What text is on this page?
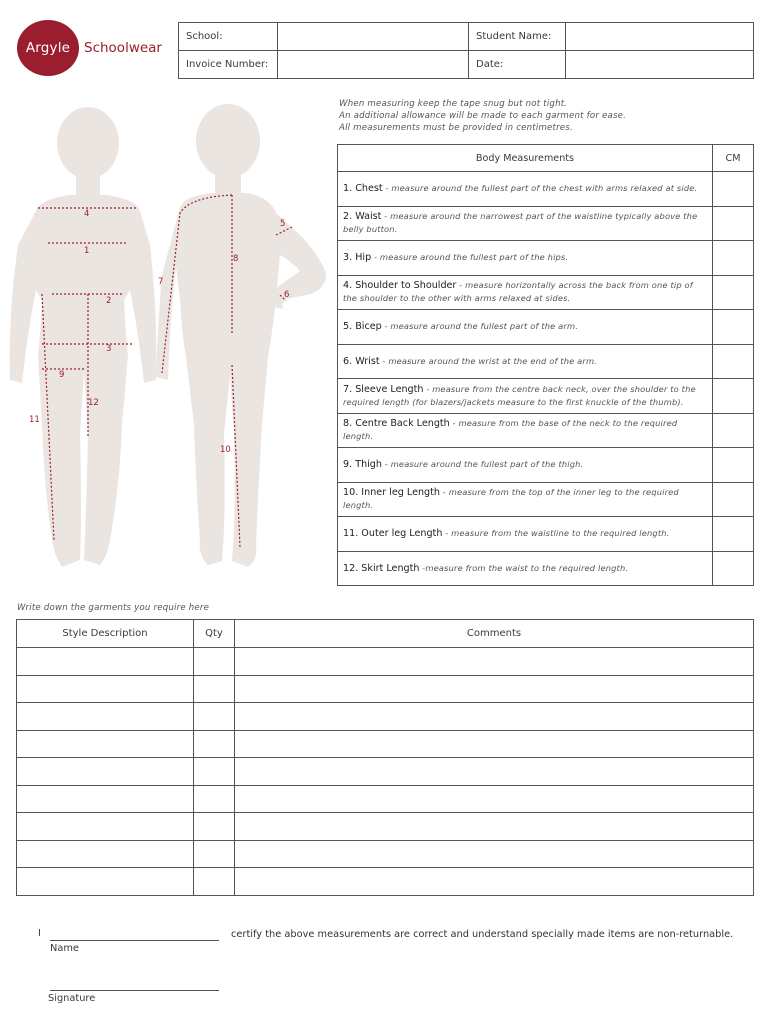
Argyle Schoolwear
School:		Student Name:	
Invoice Number:		Date:	
When measuring keep the tape snug but not tight.
An additional allowance will be made to each garment for ease.
All measurements must be provided in centimetres.
4
1
2
3
9
12
11
8
7
5
6
10
Body Measurements	CM
1. Chest - measure around the fullest part of the chest with arms relaxed at side.	
2. Waist - measure around the narrowest part of the waistline typically above the belly button.	
3. Hip - measure around the fullest part of the hips.	
4. Shoulder to Shoulder - measure horizontally across the back from one tip of the shoulder to the other with arms relaxed at sides.	
5. Bicep - measure around the fullest part of the arm.	
6. Wrist - measure around the wrist at the end of the arm.	
7. Sleeve Length - measure from the centre back neck, over the shoulder to the required length (for blazers/jackets measure to the first knuckle of the thumb).	
8. Centre Back Length - measure from the base of the neck to the required length.	
9. Thigh - measure around the fullest part of the thigh.	
10. Inner leg Length - measure from the top of the inner leg to the required length.	
11. Outer leg Length - measure from the waistline to the required length.	
12. Skirt Length -measure from the waist to the required length.	
Write down the garments you require here
Style Description	Qty	Comments

I	certify the above measurements are correct and understand specially made items are non-returnable.
Name
Signature
